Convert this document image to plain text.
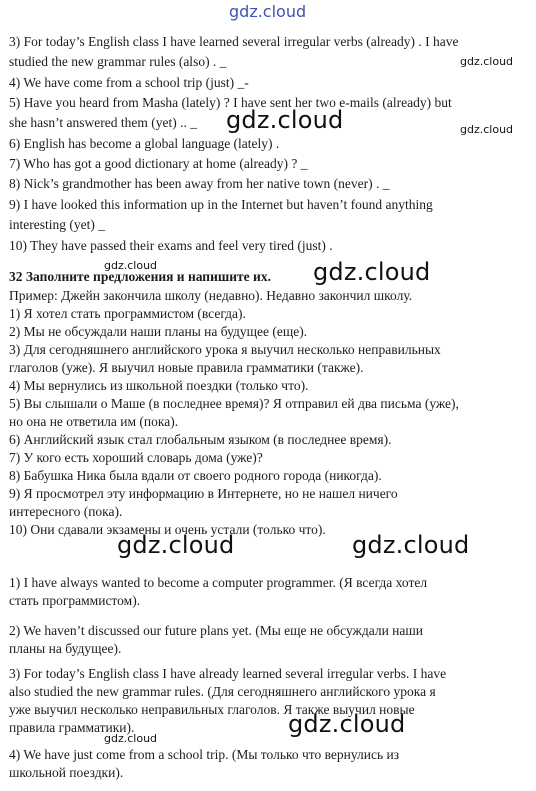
gdz.cloud
3) For today’s English class I have learned several irregular verbs (already) . I have
studied the new grammar rules (also) . _
4) We have come from a school trip (just) _-
5) Have you heard from Masha (lately) ? I have sent her two e-mails (already) but
she hasn’t answered them (yet) .. _
6) English has become a global language (lately) .
7) Who has got a good dictionary at home (already) ? _
8) Nick’s grandmother has been away from her native town (never) . _
9) I have looked this information up in the Internet but haven’t found anything
interesting (yet) _
10) They have passed their exams and feel very tired (just) .
32 Заполните предложения и напишите их.
Пример: Джейн закончила школу (недавно). Недавно закончил школу.
1) Я хотел стать программистом (всегда).
2) Мы не обсуждали наши планы на будущее (еще).
3) Для сегодняшнего английского урока я выучил несколько неправильных
глаголов (уже). Я выучил новые правила грамматики (также).
4) Мы вернулись из школьной поездки (только что).
5) Вы слышали о Маше (в последнее время)? Я отправил ей два письма (уже),
но она не ответила им (пока).
6) Английский язык стал глобальным языком (в последнее время).
7) У кого есть хороший словарь дома (уже)?
8) Бабушка Ника была вдали от своего родного города (никогда).
9) Я просмотрел эту информацию в Интернете, но не нашел ничего
интересного (пока).
10) Они сдавали экзамены и очень устали (только что).
1) I have always wanted to become a computer programmer. (Я всегда хотел
стать программистом).
2) We haven’t discussed our future plans yet. (Мы еще не обсуждали наши
планы на будущее).
3) For today’s English class I have already learned several irregular verbs. I have
also studied the new grammar rules. (Для сегодняшнего английского урока я
уже выучил несколько неправильных глаголов. Я также выучил новые
правила грамматики).
4) We have just come from a school trip. (Мы только что вернулись из
школьной поездки).
gdz.cloud
gdz.cloud	gdz.cloud
gdz.cloud	gdz.cloud
gdz.cloud	gdz.cloud
gdz.cloud
gdz.cloud
